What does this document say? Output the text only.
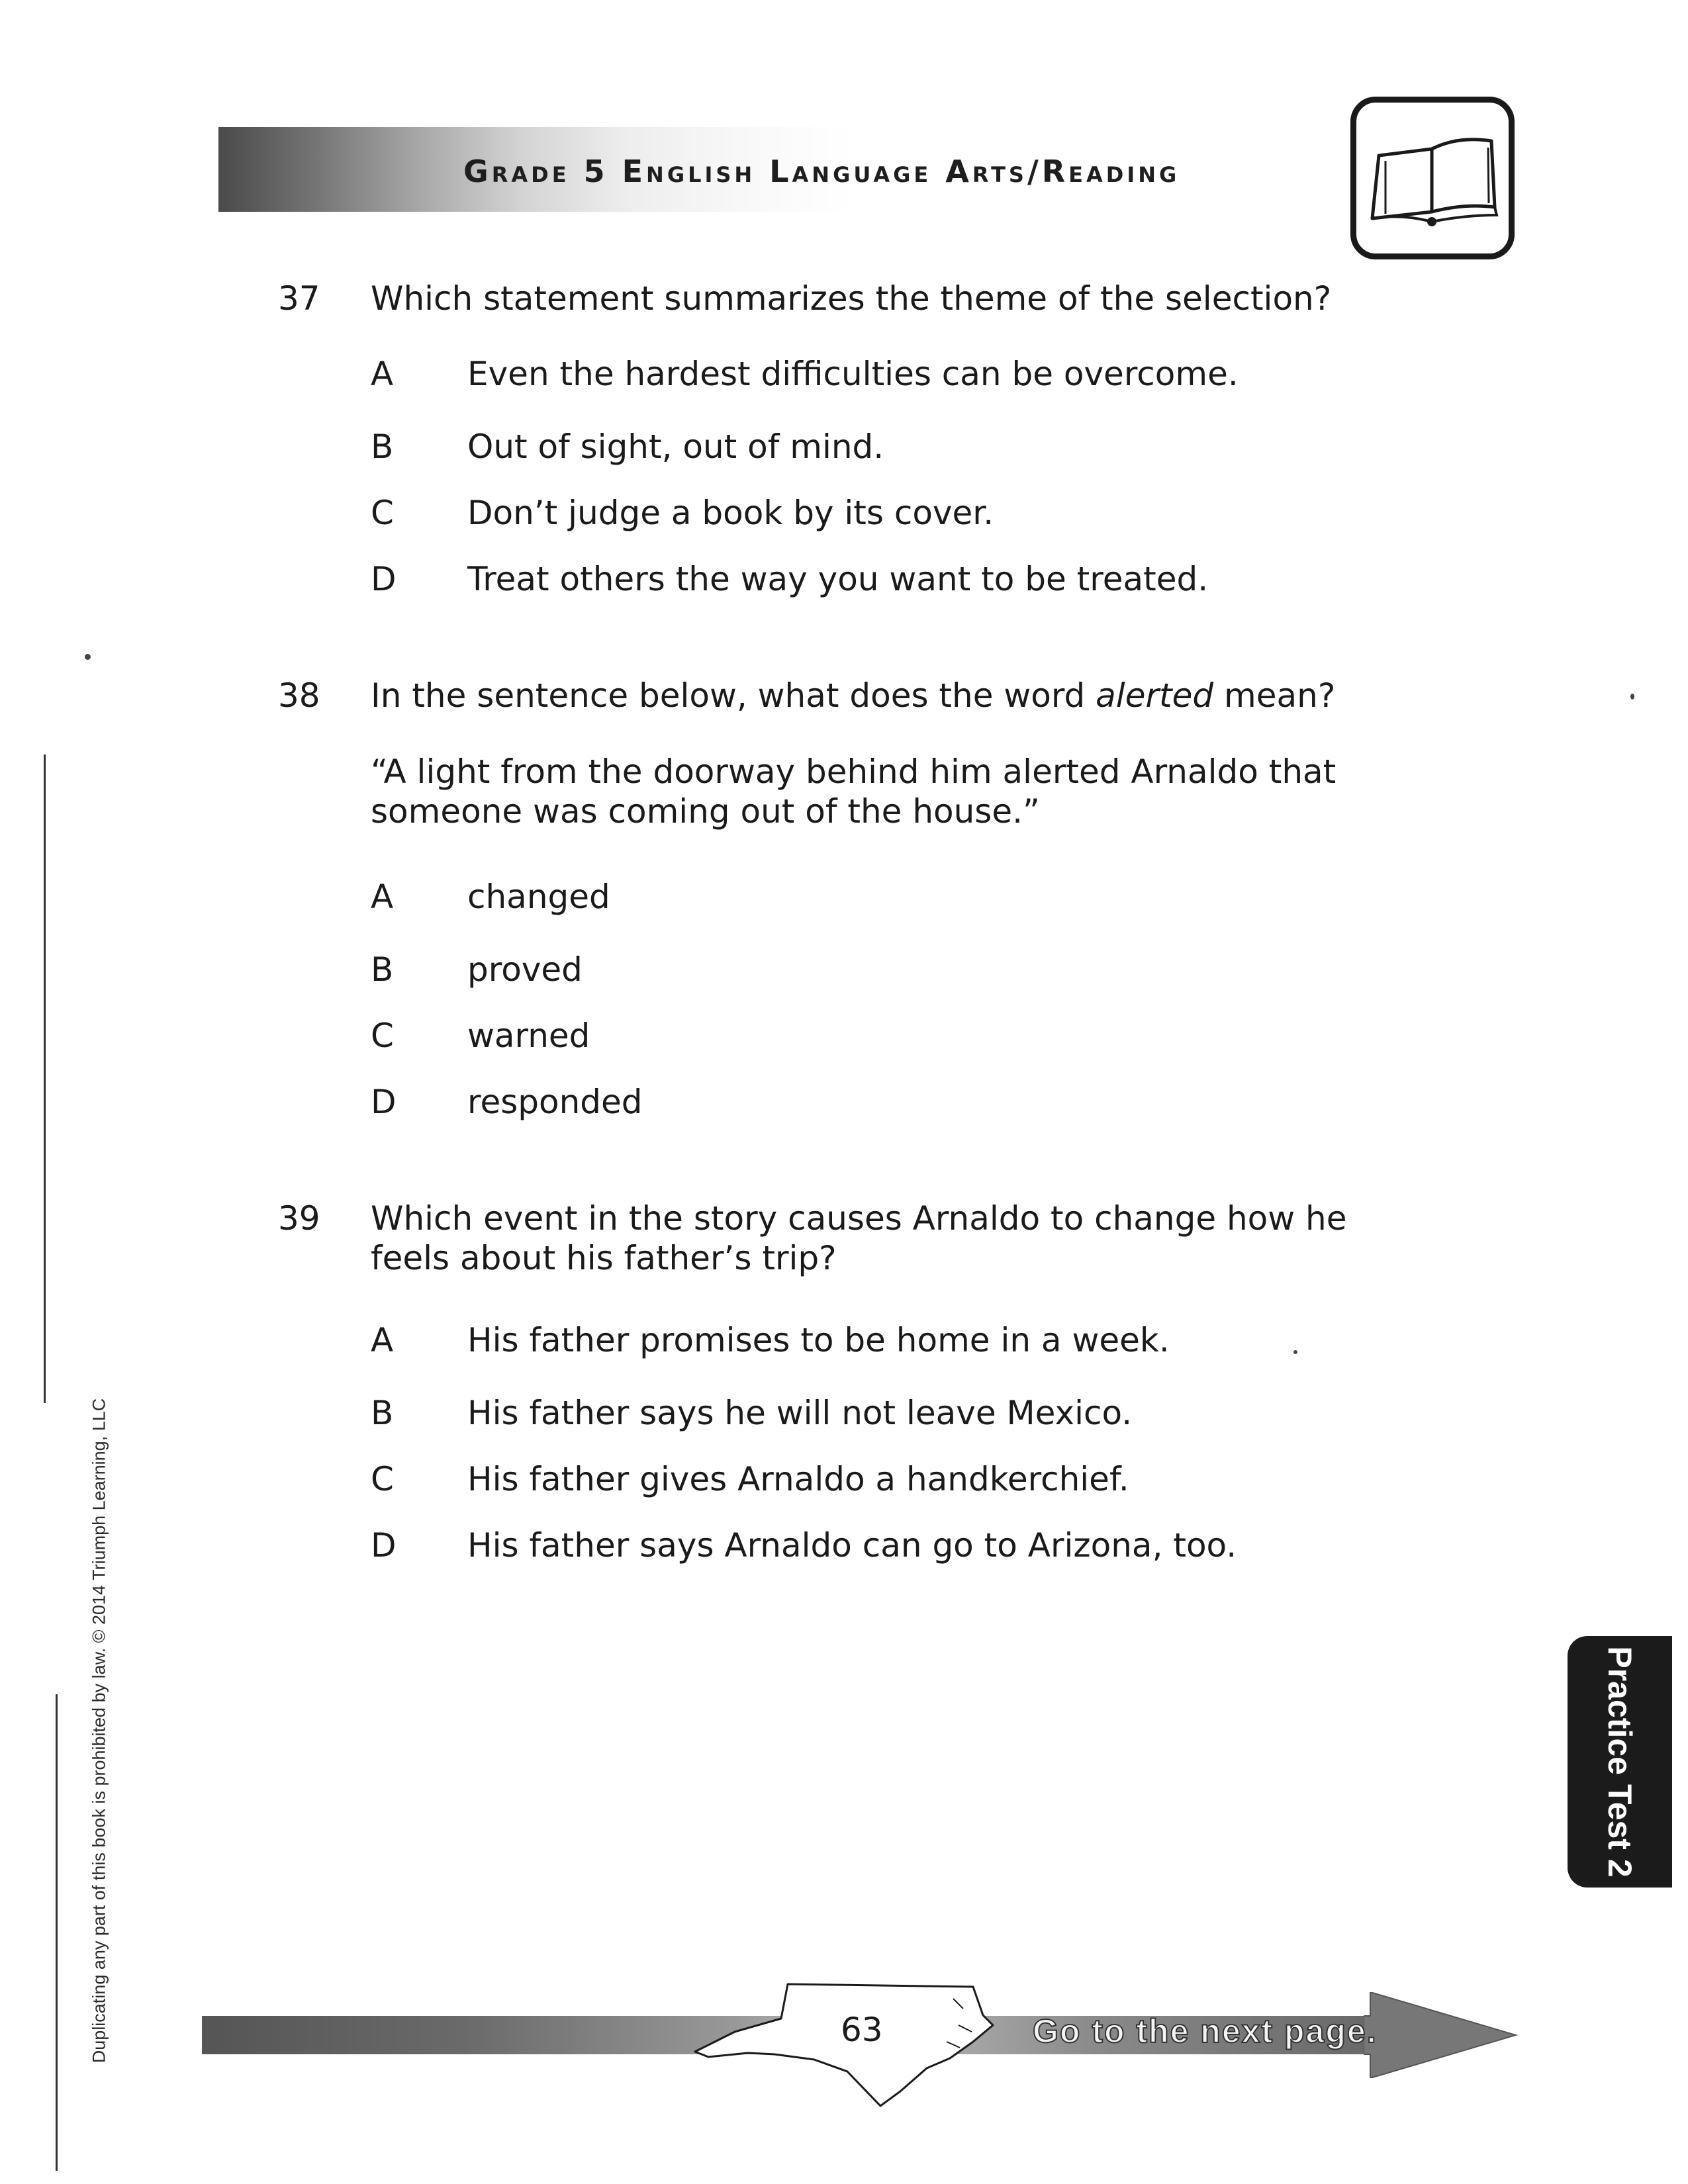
Grade 5 English Language Arts/Reading
37	Which statement summarizes the theme of the selection?
A Even the hardest difficulties can be overcome.
B Out of sight, out of mind.
C Don’t judge a book by its cover.
D Treat others the way you want to be treated.
38	In the sentence below, what does the word alerted mean?
“A light from the doorway behind him alerted Arnaldo that someone was coming out of the house.”
A changed
B proved
C warned
D responded
39	Which event in the story causes Arnaldo to change how he feels about his father’s trip?
A His father promises to be home in a week.
B His father says he will not leave Mexico.
C His father gives Arnaldo a handkerchief.
D His father says Arnaldo can go to Arizona, too.
Practice Test 2
Duplicating any part of this book is prohibited by law. © 2014 Triumph Learning, LLC	63	Go to the next page.
